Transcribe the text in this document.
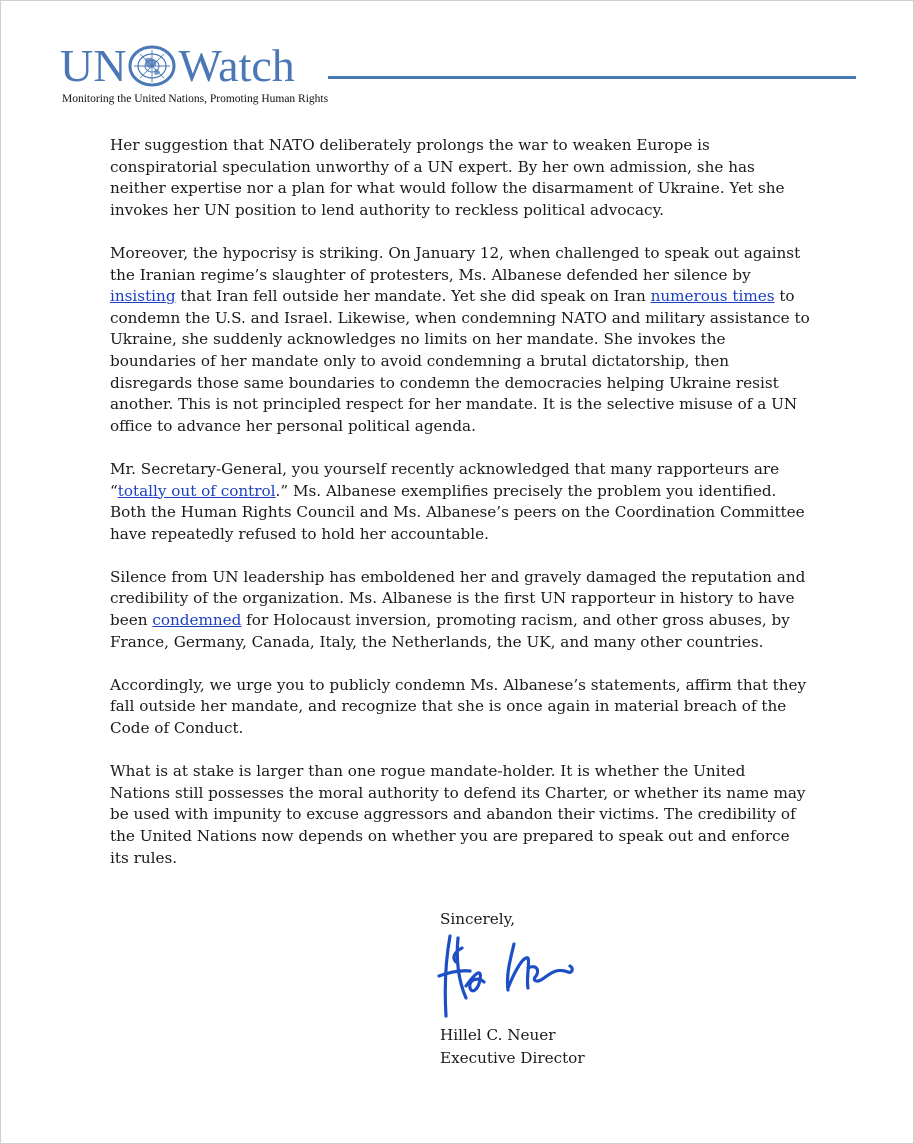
UN Watch
Monitoring the United Nations, Promoting Human Rights

Her suggestion that NATO deliberately prolongs the war to weaken Europe is conspiratorial speculation unworthy of a UN expert. By her own admission, she has neither expertise nor a plan for what would follow the disarmament of Ukraine. Yet she invokes her UN position to lend authority to reckless political advocacy.

Moreover, the hypocrisy is striking. On January 12, when challenged to speak out against the Iranian regime’s slaughter of protesters, Ms. Albanese defended her silence by insisting that Iran fell outside her mandate. Yet she did speak on Iran numerous times to condemn the U.S. and Israel. Likewise, when condemning NATO and military assistance to Ukraine, she suddenly acknowledges no limits on her mandate. She invokes the boundaries of her mandate only to avoid condemning a brutal dictatorship, then disregards those same boundaries to condemn the democracies helping Ukraine resist another. This is not principled respect for her mandate. It is the selective misuse of a UN office to advance her personal political agenda.

Mr. Secretary-General, you yourself recently acknowledged that many rapporteurs are “totally out of control.” Ms. Albanese exemplifies precisely the problem you identified. Both the Human Rights Council and Ms. Albanese’s peers on the Coordination Committee have repeatedly refused to hold her accountable.

Silence from UN leadership has emboldened her and gravely damaged the reputation and credibility of the organization. Ms. Albanese is the first UN rapporteur in history to have been condemned for Holocaust inversion, promoting racism, and other gross abuses, by France, Germany, Canada, Italy, the Netherlands, the UK, and many other countries.

Accordingly, we urge you to publicly condemn Ms. Albanese’s statements, affirm that they fall outside her mandate, and recognize that she is once again in material breach of the Code of Conduct.

What is at stake is larger than one rogue mandate-holder. It is whether the United Nations still possesses the moral authority to defend its Charter, or whether its name may be used with impunity to excuse aggressors and abandon their victims. The credibility of the United Nations now depends on whether you are prepared to speak out and enforce its rules.

Sincerely,
Hillel C. Neuer
Executive Director
